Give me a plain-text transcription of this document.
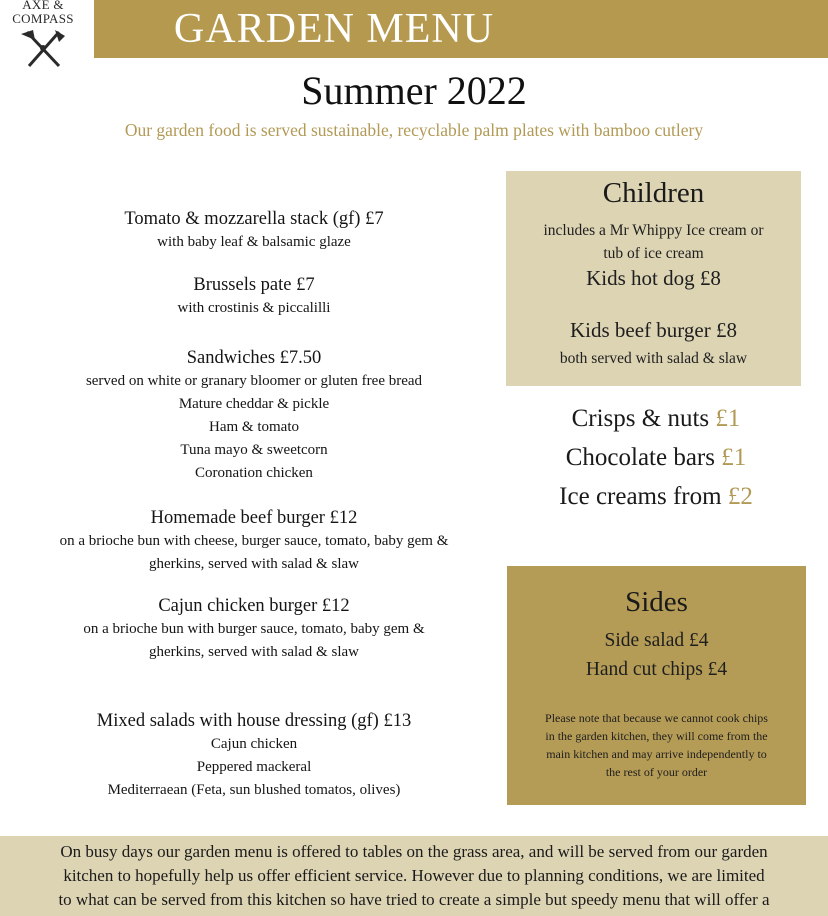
AXE &
COMPASS	GARDEN MENU
Summer 2022
Our garden food is served sustainable, recyclable palm plates with bamboo cutlery
Tomato & mozzarella stack (gf) £7
with baby leaf & balsamic glaze
Brussels pate £7
with crostinis & piccalilli
Sandwiches £7.50
served on white or granary bloomer or gluten free bread
Mature cheddar & pickle
Ham & tomato
Tuna mayo & sweetcorn
Coronation chicken
Homemade beef burger £12
on a brioche bun with cheese, burger sauce, tomato, baby gem &
gherkins, served with salad & slaw
Cajun chicken burger £12
on a brioche bun with burger sauce, tomato, baby gem &
gherkins, served with salad & slaw
Mixed salads with house dressing (gf) £13
Cajun chicken
Peppered mackeral
Mediterraean (Feta, sun blushed tomatos, olives)
Children
includes a Mr Whippy Ice cream or
tub of ice cream
Kids hot dog £8
Kids beef burger £8
both served with salad & slaw
Crisps & nuts £1
Chocolate bars £1
Ice creams from £2
Sides
Side salad £4
Hand cut chips £4
Please note that because we cannot cook chips
in the garden kitchen, they will come from the
main kitchen and may arrive independently to
the rest of your order
On busy days our garden menu is offered to tables on the grass area, and will be served from our garden
kitchen to hopefully help us offer efficient service. However due to planning conditions, we are limited
to what can be served from this kitchen so have tried to create a simple but speedy menu that will offer a
